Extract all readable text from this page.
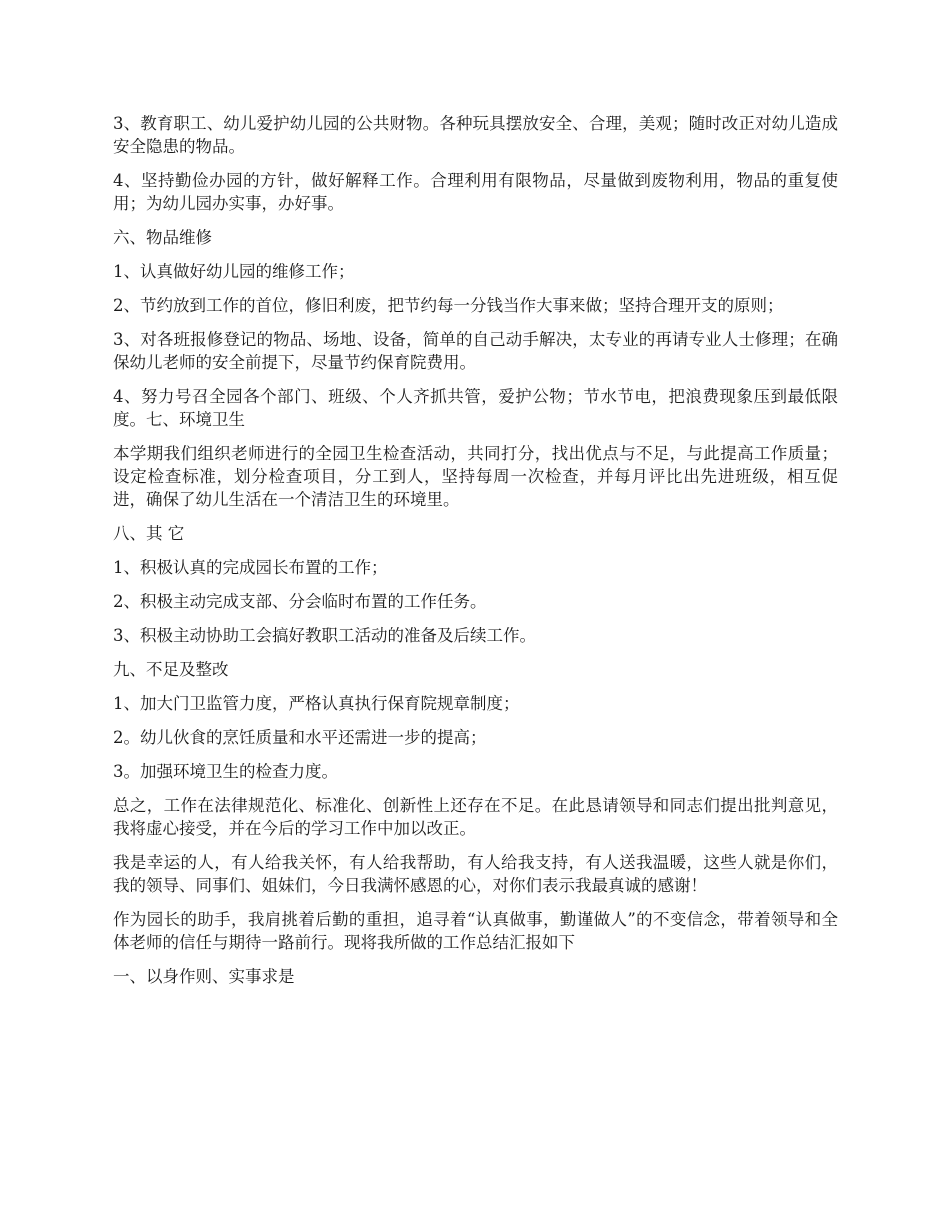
3、教育职工、幼儿爱护幼儿园的公共财物。各种玩具摆放安全、合理，美观；随时改正对幼儿造成安全隐患的物品。

4、坚持勤俭办园的方针，做好解释工作。合理利用有限物品，尽量做到废物利用，物品的重复使用；为幼儿园办实事，办好事。

六、物品维修

1、认真做好幼儿园的维修工作；

2、节约放到工作的首位，修旧利废，把节约每一分钱当作大事来做；坚持合理开支的原则；

3、对各班报修登记的物品、场地、设备，简单的自己动手解决，太专业的再请专业人士修理；在确保幼儿老师的安全前提下，尽量节约保育院费用。

4、努力号召全园各个部门、班级、个人齐抓共管，爱护公物；节水节电，把浪费现象压到最低限度。七、环境卫生

本学期我们组织老师进行的全园卫生检查活动，共同打分，找出优点与不足，与此提高工作质量；设定检查标准，划分检查项目，分工到人，坚持每周一次检查，并每月评比出先进班级，相互促进，确保了幼儿生活在一个清洁卫生的环境里。

八、其 它

1、积极认真的完成园长布置的工作；

2、积极主动完成支部、分会临时布置的工作任务。

3、积极主动协助工会搞好教职工活动的准备及后续工作。

九、不足及整改

1、加大门卫监管力度，严格认真执行保育院规章制度；

2。幼儿伙食的烹饪质量和水平还需进一步的提高；

3。加强环境卫生的检查力度。

总之，工作在法律规范化、标准化、创新性上还存在不足。在此恳请领导和同志们提出批判意见，我将虚心接受，并在今后的学习工作中加以改正。

我是幸运的人，有人给我关怀，有人给我帮助，有人给我支持，有人送我温暖，这些人就是你们，我的领导、同事们、姐妹们，今日我满怀感恩的心，对你们表示我最真诚的感谢！

作为园长的助手，我肩挑着后勤的重担，追寻着“认真做事，勤谨做人”的不变信念，带着领导和全体老师的信任与期待一路前行。现将我所做的工作总结汇报如下

一、以身作则、实事求是
